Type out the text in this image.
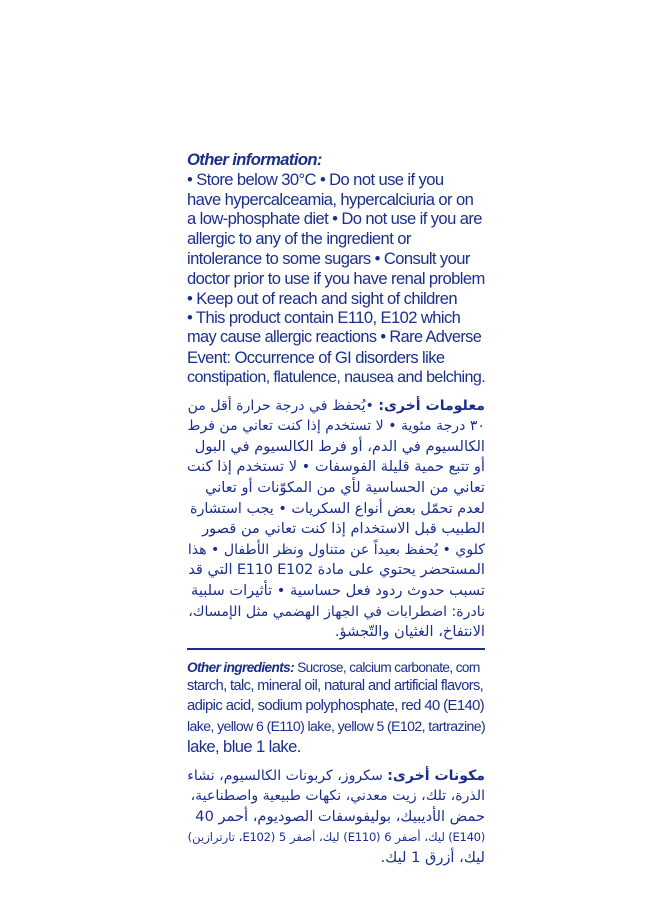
Other information:

• Store below 30°C • Do not use if you

have hypercalceamia, hypercalciuria or on

a low-phosphate diet • Do not use if you are

allergic to any of the ingredient or

intolerance to some sugars • Consult your

doctor prior to use if you have renal problem

• Keep out of reach and sight of children

• This product contain E110, E102 which

may cause allergic reactions • Rare Adverse

Event: Occurrence of GI disorders like

constipation, flatulence, nausea and belching.

معلومات أخرى: •يُحفظ في درجة حرارة أقل من

٣٠ درجة مئوية • لا تستخدم إذا كنت تعاني من فرط

الكالسيوم في الدم، أو فرط الكالسيوم في البول

أو تتبع حمية قليلة الفوسفات • لا تستخدم إذا كنت

تعاني من الحساسية لأي من المكوّنات أو تعاني

لعدم تحمّل بعض أنواع السكريات • يجب استشارة

الطبيب قبل الاستخدام إذا كنت تعاني من قصور

كلوي • يُحفظ بعيداً عن متناول ونظر الأطفال • هذا

المستحضر يحتوي على مادة E110 E102 التي قد

تسبب حدوث ردود فعل حساسية • تأثيرات سلبية

نادرة: اضطرابات في الجهاز الهضمي مثل الإمساك،

الانتفاخ، الغثيان والتّجشؤ.

Other ingredients: Sucrose, calcium carbonate, corn

starch, talc, mineral oil, natural and artificial flavors,

adipic acid, sodium polyphosphate, red 40 (E140)

lake, yellow 6 (E110) lake, yellow 5 (E102, tartrazine)

lake, blue 1 lake.

مكونات أخرى: سكروز، كربونات الكالسيوم، نشاء

الذرة، تلك، زيت معدني، نكهات طبيعية واصطناعية،

حمض الأديبيك، بوليفوسفات الصوديوم، أحمر 40

(E140) ليك، أصفر 6 (E110) ليك، أصفر 5 (E102، تارترازين)

ليك، أزرق 1 ليك.
